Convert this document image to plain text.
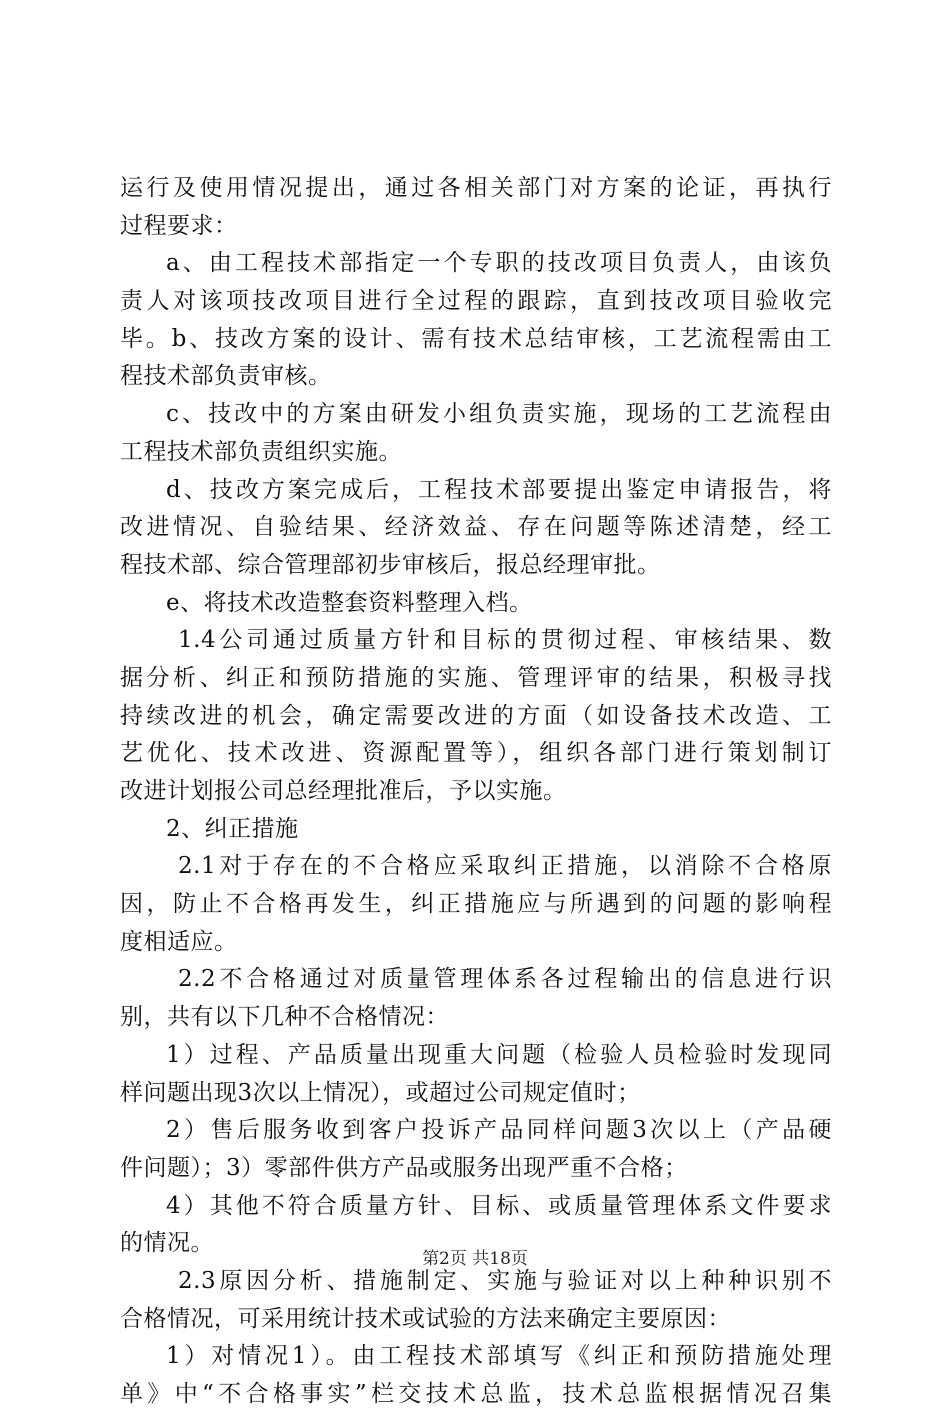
运行及使用情况提出，通过各相关部门对方案的论证，再执行
过程要求：
a、由工程技术部指定一个专职的技改项目负责人，由该负
责人对该项技改项目进行全过程的跟踪，直到技改项目验收完
毕。b、技改方案的设计、需有技术总结审核，工艺流程需由工
程技术部负责审核。
c、技改中的方案由研发小组负责实施，现场的工艺流程由
工程技术部负责组织实施。
d、技改方案完成后，工程技术部要提出鉴定申请报告，将
改进情况、自验结果、经济效益、存在问题等陈述清楚，经工
程技术部、综合管理部初步审核后，报总经理审批。
e、将技术改造整套资料整理入档。
1.4公司通过质量方针和目标的贯彻过程、审核结果、数
据分析、纠正和预防措施的实施、管理评审的结果，积极寻找
持续改进的机会，确定需要改进的方面（如设备技术改造、工
艺优化、技术改进、资源配置等），组织各部门进行策划制订
改进计划报公司总经理批准后，予以实施。
2、纠正措施
2.1对于存在的不合格应采取纠正措施，以消除不合格原
因，防止不合格再发生，纠正措施应与所遇到的问题的影响程
度相适应。
2.2不合格通过对质量管理体系各过程输出的信息进行识
别，共有以下几种不合格情况：
1）过程、产品质量出现重大问题（检验人员检验时发现同
样问题出现3次以上情况），或超过公司规定值时；
2）售后服务收到客户投诉产品同样问题3次以上（产品硬
件问题）；3）零部件供方产品或服务出现严重不合格；
4）其他不符合质量方针、目标、或质量管理体系文件要求
的情况。
2.3原因分析、措施制定、实施与验证对以上种种识别不
合格情况，可采用统计技术或试验的方法来确定主要原因：
1）对情况1）。由工程技术部填写《纠正和预防措施处理
单》中“不合格事实”栏交技术总监，技术总监根据情况召集
第2页 共18页
